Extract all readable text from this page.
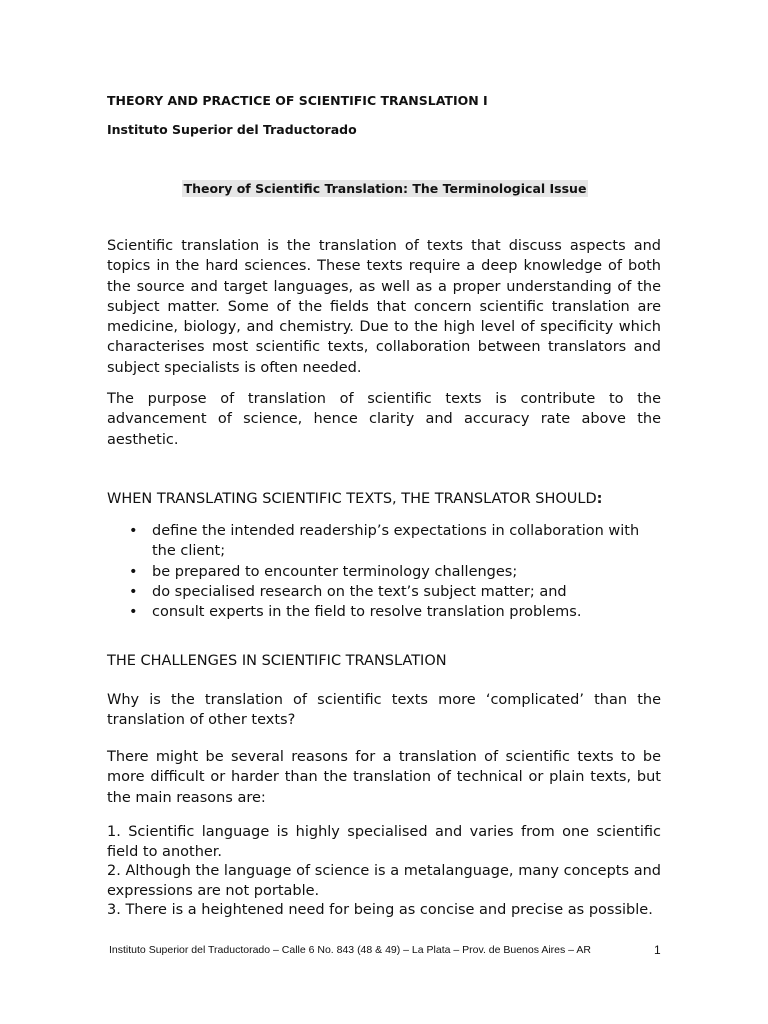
THEORY AND PRACTICE OF SCIENTIFIC TRANSLATION I
Instituto Superior del Traductorado
Theory of Scientific Translation: The Terminological Issue

Scientific translation is the translation of texts that discuss aspects and topics in the hard sciences. These texts require a deep knowledge of both the source and target languages, as well as a proper understanding of the subject matter. Some of the fields that concern scientific translation are medicine, biology, and chemistry. Due to the high level of specificity which characterises most scientific texts, collaboration between translators and subject specialists is often needed.

The purpose of translation of scientific texts is contribute to the advancement of science, hence clarity and accuracy rate above the aesthetic.

WHEN TRANSLATING SCIENTIFIC TEXTS, THE TRANSLATOR SHOULD:
• define the intended readership’s expectations in collaboration with the client;
• be prepared to encounter terminology challenges;
• do specialised research on the text’s subject matter; and
• consult experts in the field to resolve translation problems.
THE CHALLENGES IN SCIENTIFIC TRANSLATION

Why is the translation of scientific texts more ‘complicated’ than the translation of other texts?

There might be several reasons for a translation of scientific texts to be more difficult or harder than the translation of technical or plain texts, but the main reasons are:

1. Scientific language is highly specialised and varies from one scientific field to another.
2. Although the language of science is a metalanguage, many concepts and expressions are not portable.
3. There is a heightened need for being as concise and precise as possible.
Instituto Superior del Traductorado – Calle 6 No. 843 (48 & 49) – La Plata – Prov. de Buenos Aires – AR	1
